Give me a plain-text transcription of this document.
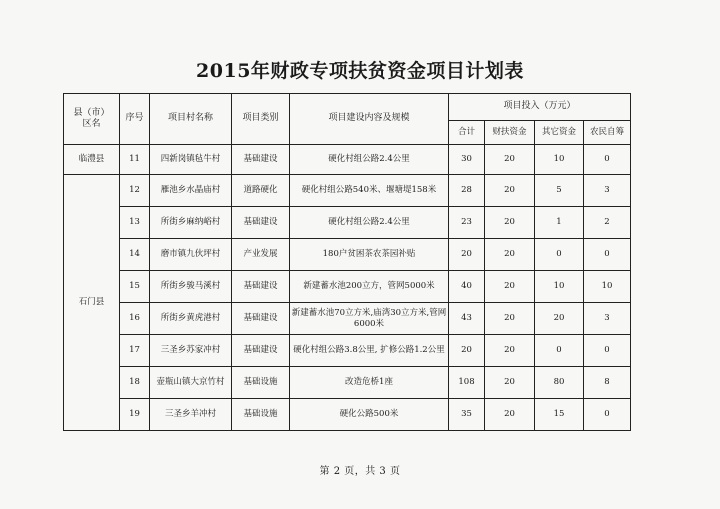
2015年财政专项扶贫资金项目计划表
县（市）
区名	序号	项目村名称	项目类别	项目建设内容及规模	项目投入（万元）			
					合计	财扶资金	其它资金	农民自筹
临澧县	11	四新岗镇毡牛村	基础建设	硬化村组公路2.4公里	30	20	10	0
石门县	12	雁池乡水晶庙村	道路硬化	硬化村组公路540米、堰塘堤158米	28	20	5	3
	13	所街乡麻纳峪村	基础建设	硬化村组公路2.4公里	23	20	1	2
	14	磨市镇九伙坪村	产业发展	180户贫困茶农茶园补贴	20	20	0	0
	15	所街乡骏马溪村	基础建设	新建蓄水池200立方，管网5000米	40	20	10	10
	16	所街乡黄虎港村	基础建设	新建蓄水池70立方米,庙湾30立方米,管网6000米	43	20	20	3
	17	三圣乡苏家冲村	基础建设	硬化村组公路3.8公里, 扩修公路1.2公里	20	20	0	0
	18	壶瓶山镇大京竹村	基础设施	改造危桥1座	108	20	80	8
	19	三圣乡羊冲村	基础设施	硬化公路500米	35	20	15	0
第 2 页，共 3 页
